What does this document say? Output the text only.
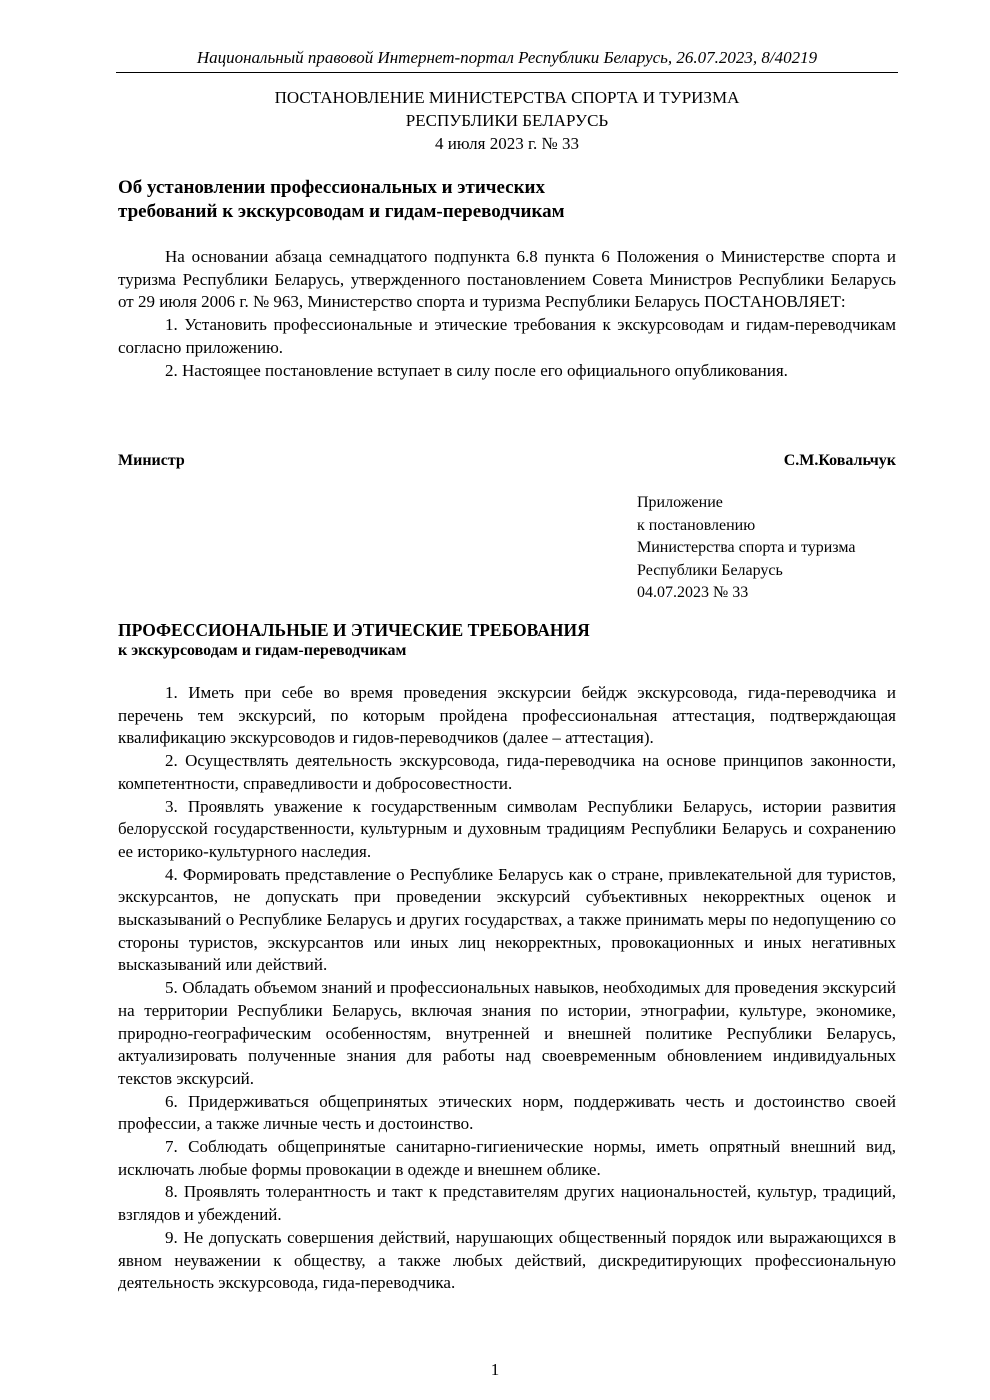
Национальный правовой Интернет-портал Республики Беларусь, 26.07.2023, 8/40219
ПОСТАНОВЛЕНИЕ МИНИСТЕРСТВА СПОРТА И ТУРИЗМА
РЕСПУБЛИКИ БЕЛАРУСЬ
4 июля 2023 г. № 33
Об установлении профессиональных и этических
требований к экскурсоводам и гидам-переводчикам

На основании абзаца семнадцатого подпункта 6.8 пункта 6 Положения о Министерстве спорта и туризма Республики Беларусь, утвержденного постановлением Совета Министров Республики Беларусь от 29 июля 2006 г. № 963, Министерство спорта и туризма Республики Беларусь ПОСТАНОВЛЯЕТ:

1. Установить профессиональные и этические требования к экскурсоводам и гидам-переводчикам согласно приложению.

2. Настоящее постановление вступает в силу после его официального опубликования.

Министр	С.М.Ковальчук
Приложение
к постановлению
Министерства спорта и туризма
Республики Беларусь
04.07.2023 № 33
ПРОФЕССИОНАЛЬНЫЕ И ЭТИЧЕСКИЕ ТРЕБОВАНИЯ
к экскурсоводам и гидам-переводчикам

1. Иметь при себе во время проведения экскурсии бейдж экскурсовода, гида-переводчика и перечень тем экскурсий, по которым пройдена профессиональная аттестация, подтверждающая квалификацию экскурсоводов и гидов-переводчиков (далее – аттестация).

2. Осуществлять деятельность экскурсовода, гида-переводчика на основе принципов законности, компетентности, справедливости и добросовестности.

3. Проявлять уважение к государственным символам Республики Беларусь, истории развития белорусской государственности, культурным и духовным традициям Республики Беларусь и сохранению ее историко-культурного наследия.

4. Формировать представление о Республике Беларусь как о стране, привлекательной для туристов, экскурсантов, не допускать при проведении экскурсий субъективных некорректных оценок и высказываний о Республике Беларусь и других государствах, а также принимать меры по недопущению со стороны туристов, экскурсантов или иных лиц некорректных, провокационных и иных негативных высказываний или действий.

5. Обладать объемом знаний и профессиональных навыков, необходимых для проведения экскурсий на территории Республики Беларусь, включая знания по истории, этнографии, культуре, экономике, природно-географическим особенностям, внутренней и внешней политике Республики Беларусь, актуализировать полученные знания для работы над своевременным обновлением индивидуальных текстов экскурсий.

6. Придерживаться общепринятых этических норм, поддерживать честь и достоинство своей профессии, а также личные честь и достоинство.

7. Соблюдать общепринятые санитарно-гигиенические нормы, иметь опрятный внешний вид, исключать любые формы провокации в одежде и внешнем облике.

8. Проявлять толерантность и такт к представителям других национальностей, культур, традиций, взглядов и убеждений.

9. Не допускать совершения действий, нарушающих общественный порядок или выражающихся в явном неуважении к обществу, а также любых действий, дискредитирующих профессиональную деятельность экскурсовода, гида-переводчика.

1
